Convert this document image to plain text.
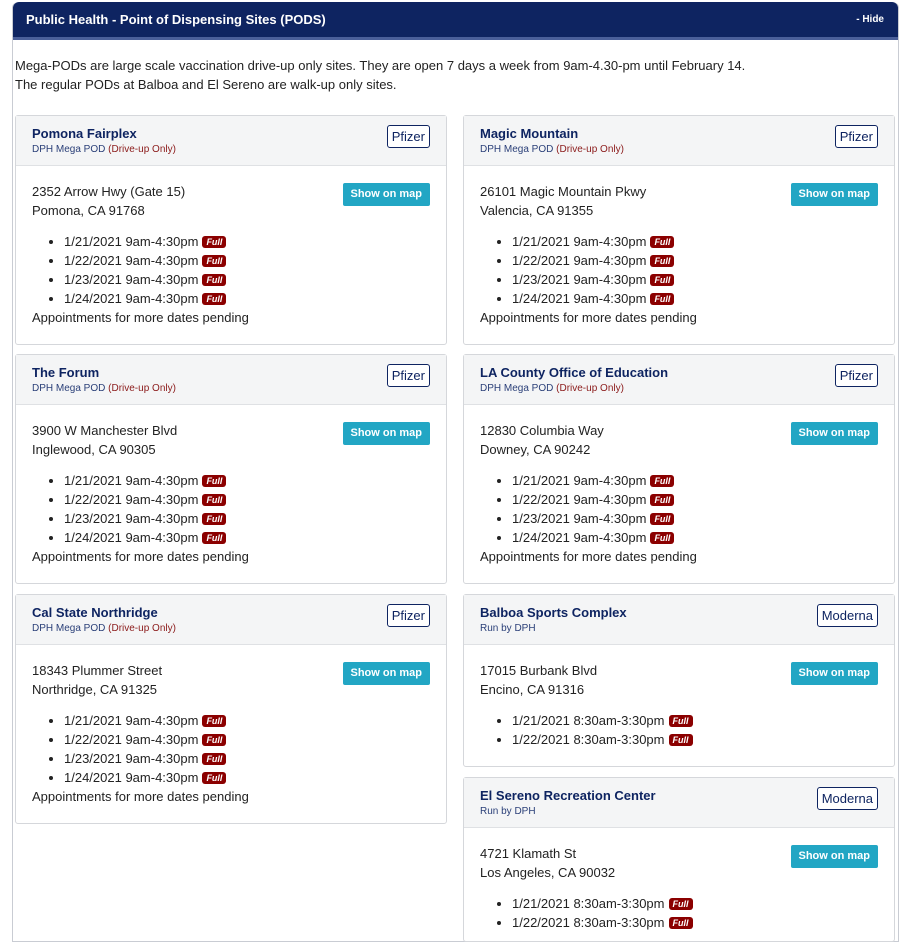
Public Health - Point of Dispensing Sites (PODS)	- Hide
Mega-PODs are large scale vaccination drive-up only sites. They are open 7 days a week from 9am-4.30-pm until February 14.
The regular PODs at Balboa and El Sereno are walk-up only sites.
Pomona Fairplex
DPH Mega POD (Drive-up Only)
Pfizer
2352 Arrow Hwy (Gate 15)
Pomona, CA 91768
Show on map
• 1/21/2021 9am-4:30pm Full
• 1/22/2021 9am-4:30pm Full
• 1/23/2021 9am-4:30pm Full
• 1/24/2021 9am-4:30pm Full
Appointments for more dates pending
Magic Mountain
DPH Mega POD (Drive-up Only)
Pfizer
26101 Magic Mountain Pkwy
Valencia, CA 91355
Show on map
• 1/21/2021 9am-4:30pm Full
• 1/22/2021 9am-4:30pm Full
• 1/23/2021 9am-4:30pm Full
• 1/24/2021 9am-4:30pm Full
Appointments for more dates pending
The Forum
DPH Mega POD (Drive-up Only)
Pfizer
3900 W Manchester Blvd
Inglewood, CA 90305
Show on map
• 1/21/2021 9am-4:30pm Full
• 1/22/2021 9am-4:30pm Full
• 1/23/2021 9am-4:30pm Full
• 1/24/2021 9am-4:30pm Full
Appointments for more dates pending
LA County Office of Education
DPH Mega POD (Drive-up Only)
Pfizer
12830 Columbia Way
Downey, CA 90242
Show on map
• 1/21/2021 9am-4:30pm Full
• 1/22/2021 9am-4:30pm Full
• 1/23/2021 9am-4:30pm Full
• 1/24/2021 9am-4:30pm Full
Appointments for more dates pending
Cal State Northridge
DPH Mega POD (Drive-up Only)
Pfizer
18343 Plummer Street
Northridge, CA 91325
Show on map
• 1/21/2021 9am-4:30pm Full
• 1/22/2021 9am-4:30pm Full
• 1/23/2021 9am-4:30pm Full
• 1/24/2021 9am-4:30pm Full
Appointments for more dates pending
Balboa Sports Complex
Run by DPH
Moderna
17015 Burbank Blvd
Encino, CA 91316
Show on map
• 1/21/2021 8:30am-3:30pm Full
• 1/22/2021 8:30am-3:30pm Full
El Sereno Recreation Center
Run by DPH
Moderna
4721 Klamath St
Los Angeles, CA 90032
Show on map
• 1/21/2021 8:30am-3:30pm Full
• 1/22/2021 8:30am-3:30pm Full
